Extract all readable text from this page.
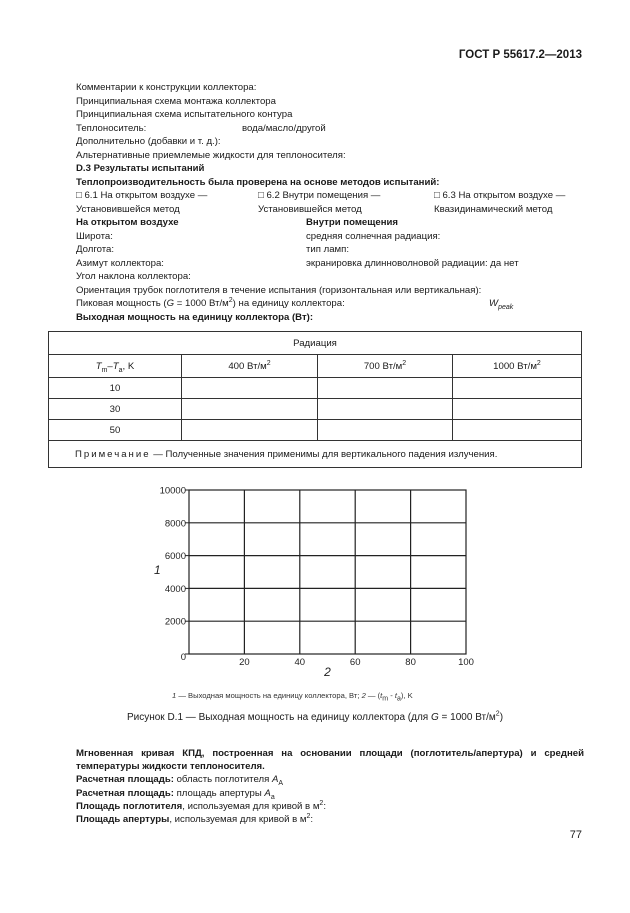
ГОСТ Р 55617.2—2013
Комментарии к конструкции коллектора:
Принципиальная схема монтажа коллектора
Принципиальная схема испытательного контура
Теплоноситель:	вода/масло/другой
Дополнительно (добавки и т. д.):
Альтернативные приемлемые жидкости для теплоносителя:
D.3 Результаты испытаний
Теплопроизводительность была проверена на основе методов испытаний:
□ 6.1 На открытом воздухе —	□ 6.2 Внутри помещения —	□ 6.3 На открытом воздухе —
Установившейся метод	Установившейся метод	Квазидинамический метод
На открытом воздухе	Внутри помещения
Широта:	средняя солнечная радиация:
Долгота:	тип ламп:
Азимут коллектора:	экранировка длинноволновой радиации: да нет
Угол наклона коллектора:
Ориентация трубок поглотителя в течение испытания (горизонтальная или вертикальная):
Пиковая мощность (G = 1000 $Вт/м^2$) на единицу коллектора:	$W_{peak}$
Выходная мощность на единицу коллектора (Вт):
Радиация			
$T_m-T_a$, K	400 $Вт/м^2$	700 $Вт/м^2$	1000 $Вт/м^2$
10			
30			
50			
Примечание — Полученные значения применимы для вертикального падения излучения.			
20	40	60	80	100
0
2000
4000
6000
8000
10000
1
2
1 — Выходная мощность на единицу коллектора, Вт; 2 — $(t_m - t_a)$, K
Рисунок D.1 — Выходная мощность на единицу коллектора (для G = 1000 $Вт/м^2$)
Мгновенная кривая КПД, построенная на основании площади (поглотитель/апертура) и средней температуры жидкости теплоносителя.
Расчетная площадь: область поглотителя $A_A$
Расчетная площадь: площадь апертуры $A_a$
Площадь поглотителя, используемая для кривой в $м^2$:
Площадь апертуры, используемая для кривой в $м^2$:
77
